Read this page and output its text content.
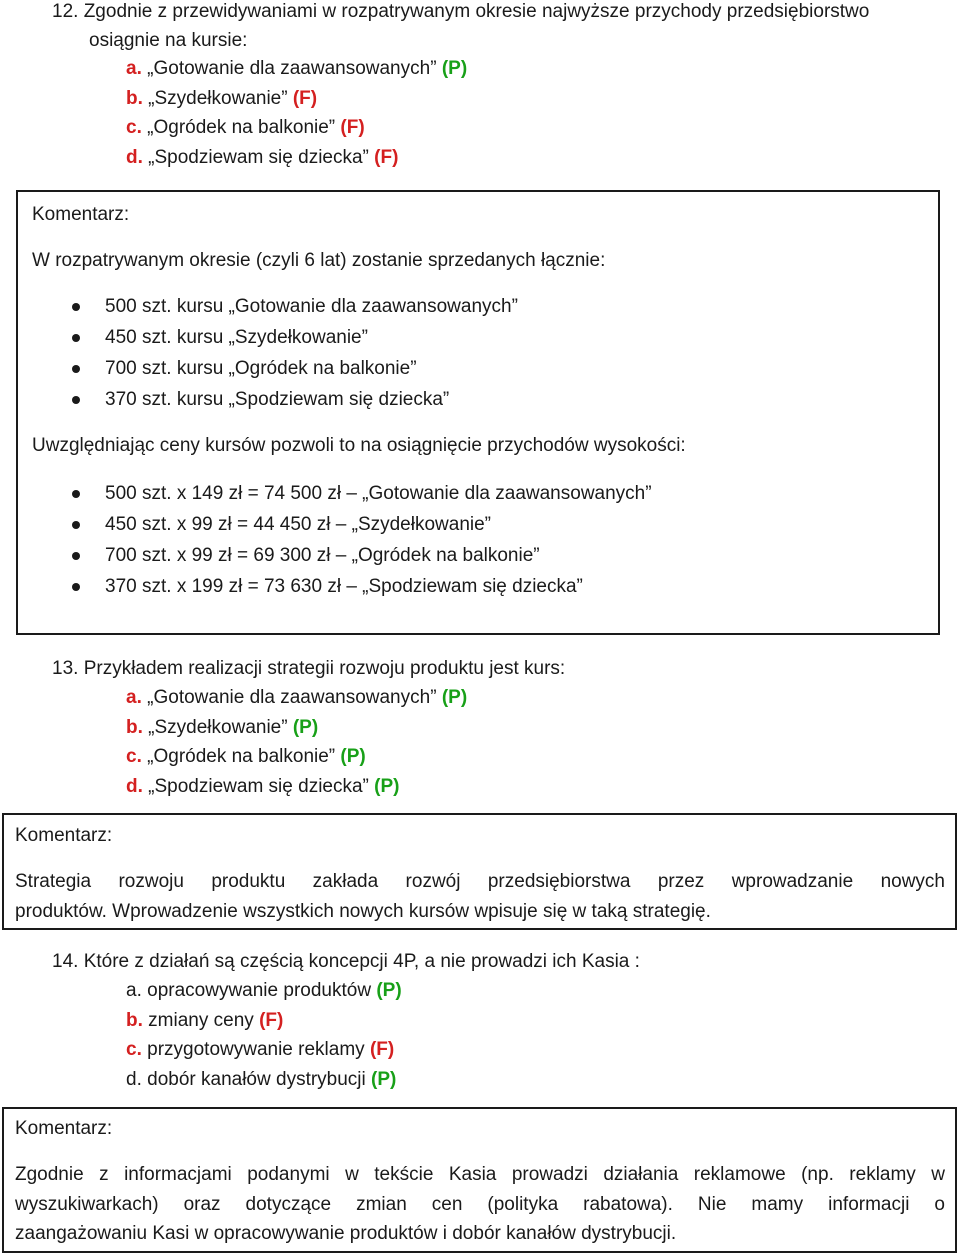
12. Zgodnie z przewidywaniami w rozpatrywanym okresie najwyższe przychody przedsiębiorstwo
osiągnie na kursie:
a. „Gotowanie dla zaawansowanych” (P)
b. „Szydełkowanie” (F)
c. „Ogródek na balkonie” (F)
d. „Spodziewam się dziecka” (F)
Komentarz:
W rozpatrywanym okresie (czyli 6 lat) zostanie sprzedanych łącznie:
500 szt. kursu „Gotowanie dla zaawansowanych”
450 szt. kursu „Szydełkowanie”
700 szt. kursu „Ogródek na balkonie”
370 szt. kursu „Spodziewam się dziecka”
Uwzględniając ceny kursów pozwoli to na osiągnięcie przychodów wysokości:
500 szt. x 149 zł = 74 500 zł – „Gotowanie dla zaawansowanych”
450 szt. x 99 zł = 44 450 zł – „Szydełkowanie”
700 szt. x 99 zł = 69 300 zł – „Ogródek na balkonie”
370 szt. x 199 zł = 73 630 zł – „Spodziewam się dziecka”
13. Przykładem realizacji strategii rozwoju produktu jest kurs:
a. „Gotowanie dla zaawansowanych” (P)
b. „Szydełkowanie” (P)
c. „Ogródek na balkonie” (P)
d. „Spodziewam się dziecka” (P)
Komentarz:
Strategia rozwoju produktu zakłada rozwój przedsiębiorstwa przez wprowadzanie nowych
produktów. Wprowadzenie wszystkich nowych kursów wpisuje się w taką strategię.
14. Które z działań są częścią koncepcji 4P, a nie prowadzi ich Kasia :
a. opracowywanie produktów (P)
b. zmiany ceny (F)
c. przygotowywanie reklamy (F)
d. dobór kanałów dystrybucji (P)
Komentarz:
Zgodnie z informacjami podanymi w tekście Kasia prowadzi działania reklamowe (np. reklamy w
wyszukiwarkach) oraz dotyczące zmian cen (polityka rabatowa). Nie mamy informacji o
zaangażowaniu Kasi w opracowywanie produktów i dobór kanałów dystrybucji.
